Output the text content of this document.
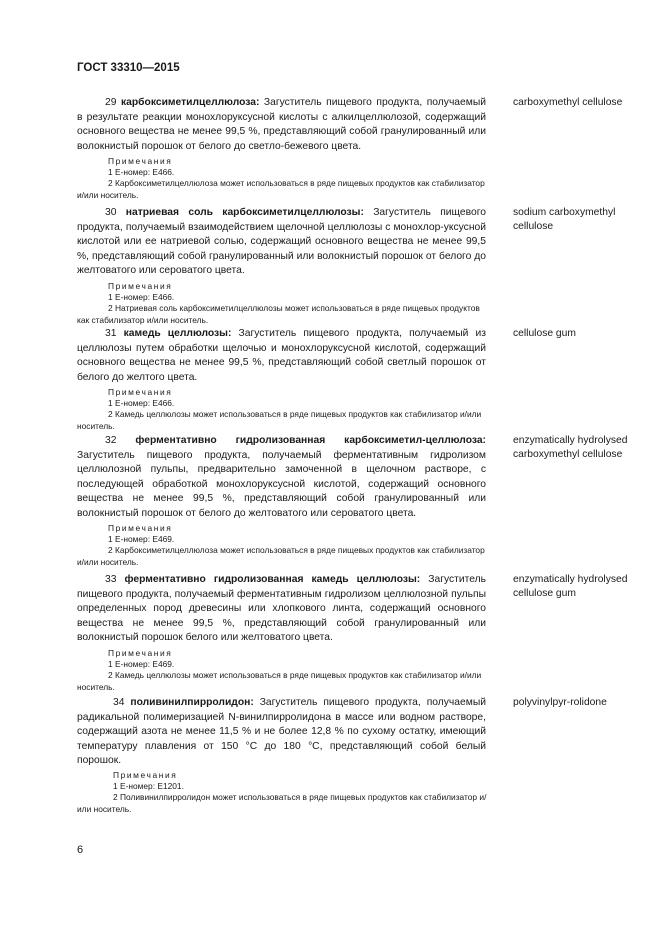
ГОСТ 33310—2015
29 карбоксиметилцеллюлоза: Загуститель пищевого продукта, получаемый в результате реакции монохлоруксусной кислоты с алкилцеллюлозой, содержащий основного вещества не менее 99,5 %, представляющий собой гранулированный или волокнистый порошок от белого до светло-бежевого цвета.
carboxymethyl cellulose
Примечания
1 Е-номер: Е466.
2 Карбоксиметилцеллюлоза может использоваться в ряде пищевых продуктов как стабилизатор и/или носитель.
30 натриевая соль карбоксиметилцеллюлозы: Загуститель пищевого продукта, получаемый взаимодействием щелочной целлюлозы с монохлор-уксусной кислотой или ее натриевой солью, содержащий основного вещества не менее 99,5 %, представляющий собой гранулированный или волокнистый порошок от белого до желтоватого или сероватого цвета.
sodium carboxymethyl cellulose
Примечания
1 Е-номер: Е466.
2 Натриевая соль карбоксиметилцеллюлозы может использоваться в ряде пищевых продуктов как стабилизатор и/или носитель.
31 камедь целлюлозы: Загуститель пищевого продукта, получаемый из целлюлозы путем обработки щелочью и монохлоруксусной кислотой, содержащий основного вещества не менее 99,5 %, представляющий собой светлый порошок от белого до желтого цвета.
cellulose gum
Примечания
1 Е-номер: Е466.
2 Камедь целлюлозы может использоваться в ряде пищевых продуктов как стабилизатор и/или носитель.
32 ферментативно гидролизованная карбоксиметил-целлюлоза: Загуститель пищевого продукта, получаемый ферментативным гидролизом целлюлозной пульпы, предварительно замоченной в щелочном растворе, с последующей обработкой монохлоруксусной кислотой, содержащий основного вещества не менее 99,5 %, представляющий собой гранулированный или волокнистый порошок от белого до желтоватого или сероватого цвета.
enzymatically hydrolysed carboxymethyl cellulose
Примечания
1 Е-номер: Е469.
2 Карбоксиметилцеллюлоза может использоваться в ряде пищевых продуктов как стабилизатор и/или носитель.
33 ферментативно гидролизованная камедь целлюлозы: Загуститель пищевого продукта, получаемый ферментативным гидролизом целлюлозной пульпы определенных пород древесины или хлопкового линта, содержащий основного вещества не менее 99,5 %, представляющий собой гранулированный или волокнистый порошок белого или желтоватого цвета.
enzymatically hydrolysed cellulose gum
Примечания
1 Е-номер: Е469.
2 Камедь целлюлозы может использоваться в ряде пищевых продуктов как стабилизатор и/или носитель.
34 поливинилпирролидон: Загуститель пищевого продукта, получаемый радикальной полимеризацией N-винилпирролидона в массе или водном растворе, содержащий азота не менее 11,5 % и не более 12,8 % по сухому остатку, имеющий температуру плавления от 150 °С до 180 °С, представляющий собой белый порошок.
polyvinylpyr-rolidone
Примечания
1 Е-номер: Е1201.
2 Поливинилпирролидон может использоваться в ряде пищевых продуктов как стабилизатор и/или носитель.
6
